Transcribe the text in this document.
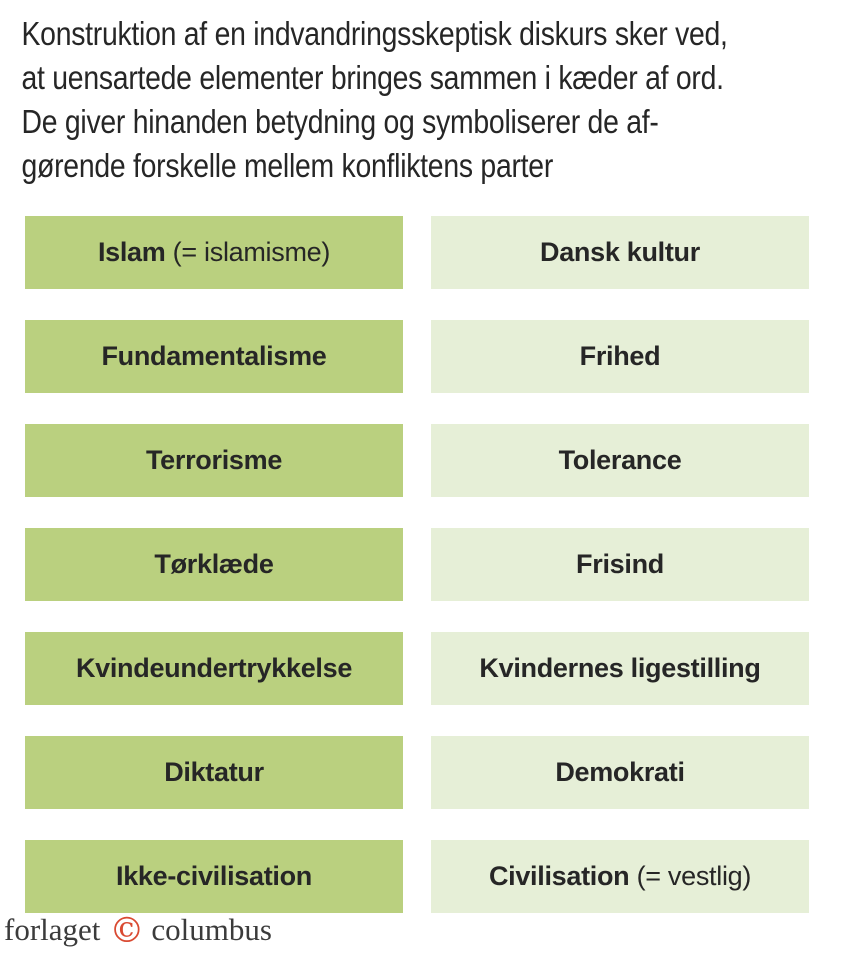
Konstruktion af en indvandringsskeptisk diskurs sker ved,
at uensartede elementer bringes sammen i kæder af ord.
De giver hinanden betydning og symboliserer de af-
gørende forskelle mellem konfliktens parter
Islam (= islamisme)	Dansk kultur
Fundamentalisme	Frihed
Terrorisme	Tolerance
Tørklæde	Frisind
Kvindeundertrykkelse	Kvindernes ligestilling
Diktatur	Demokrati
Ikke-civilisation	Civilisation (= vestlig)
forlaget © columbus
